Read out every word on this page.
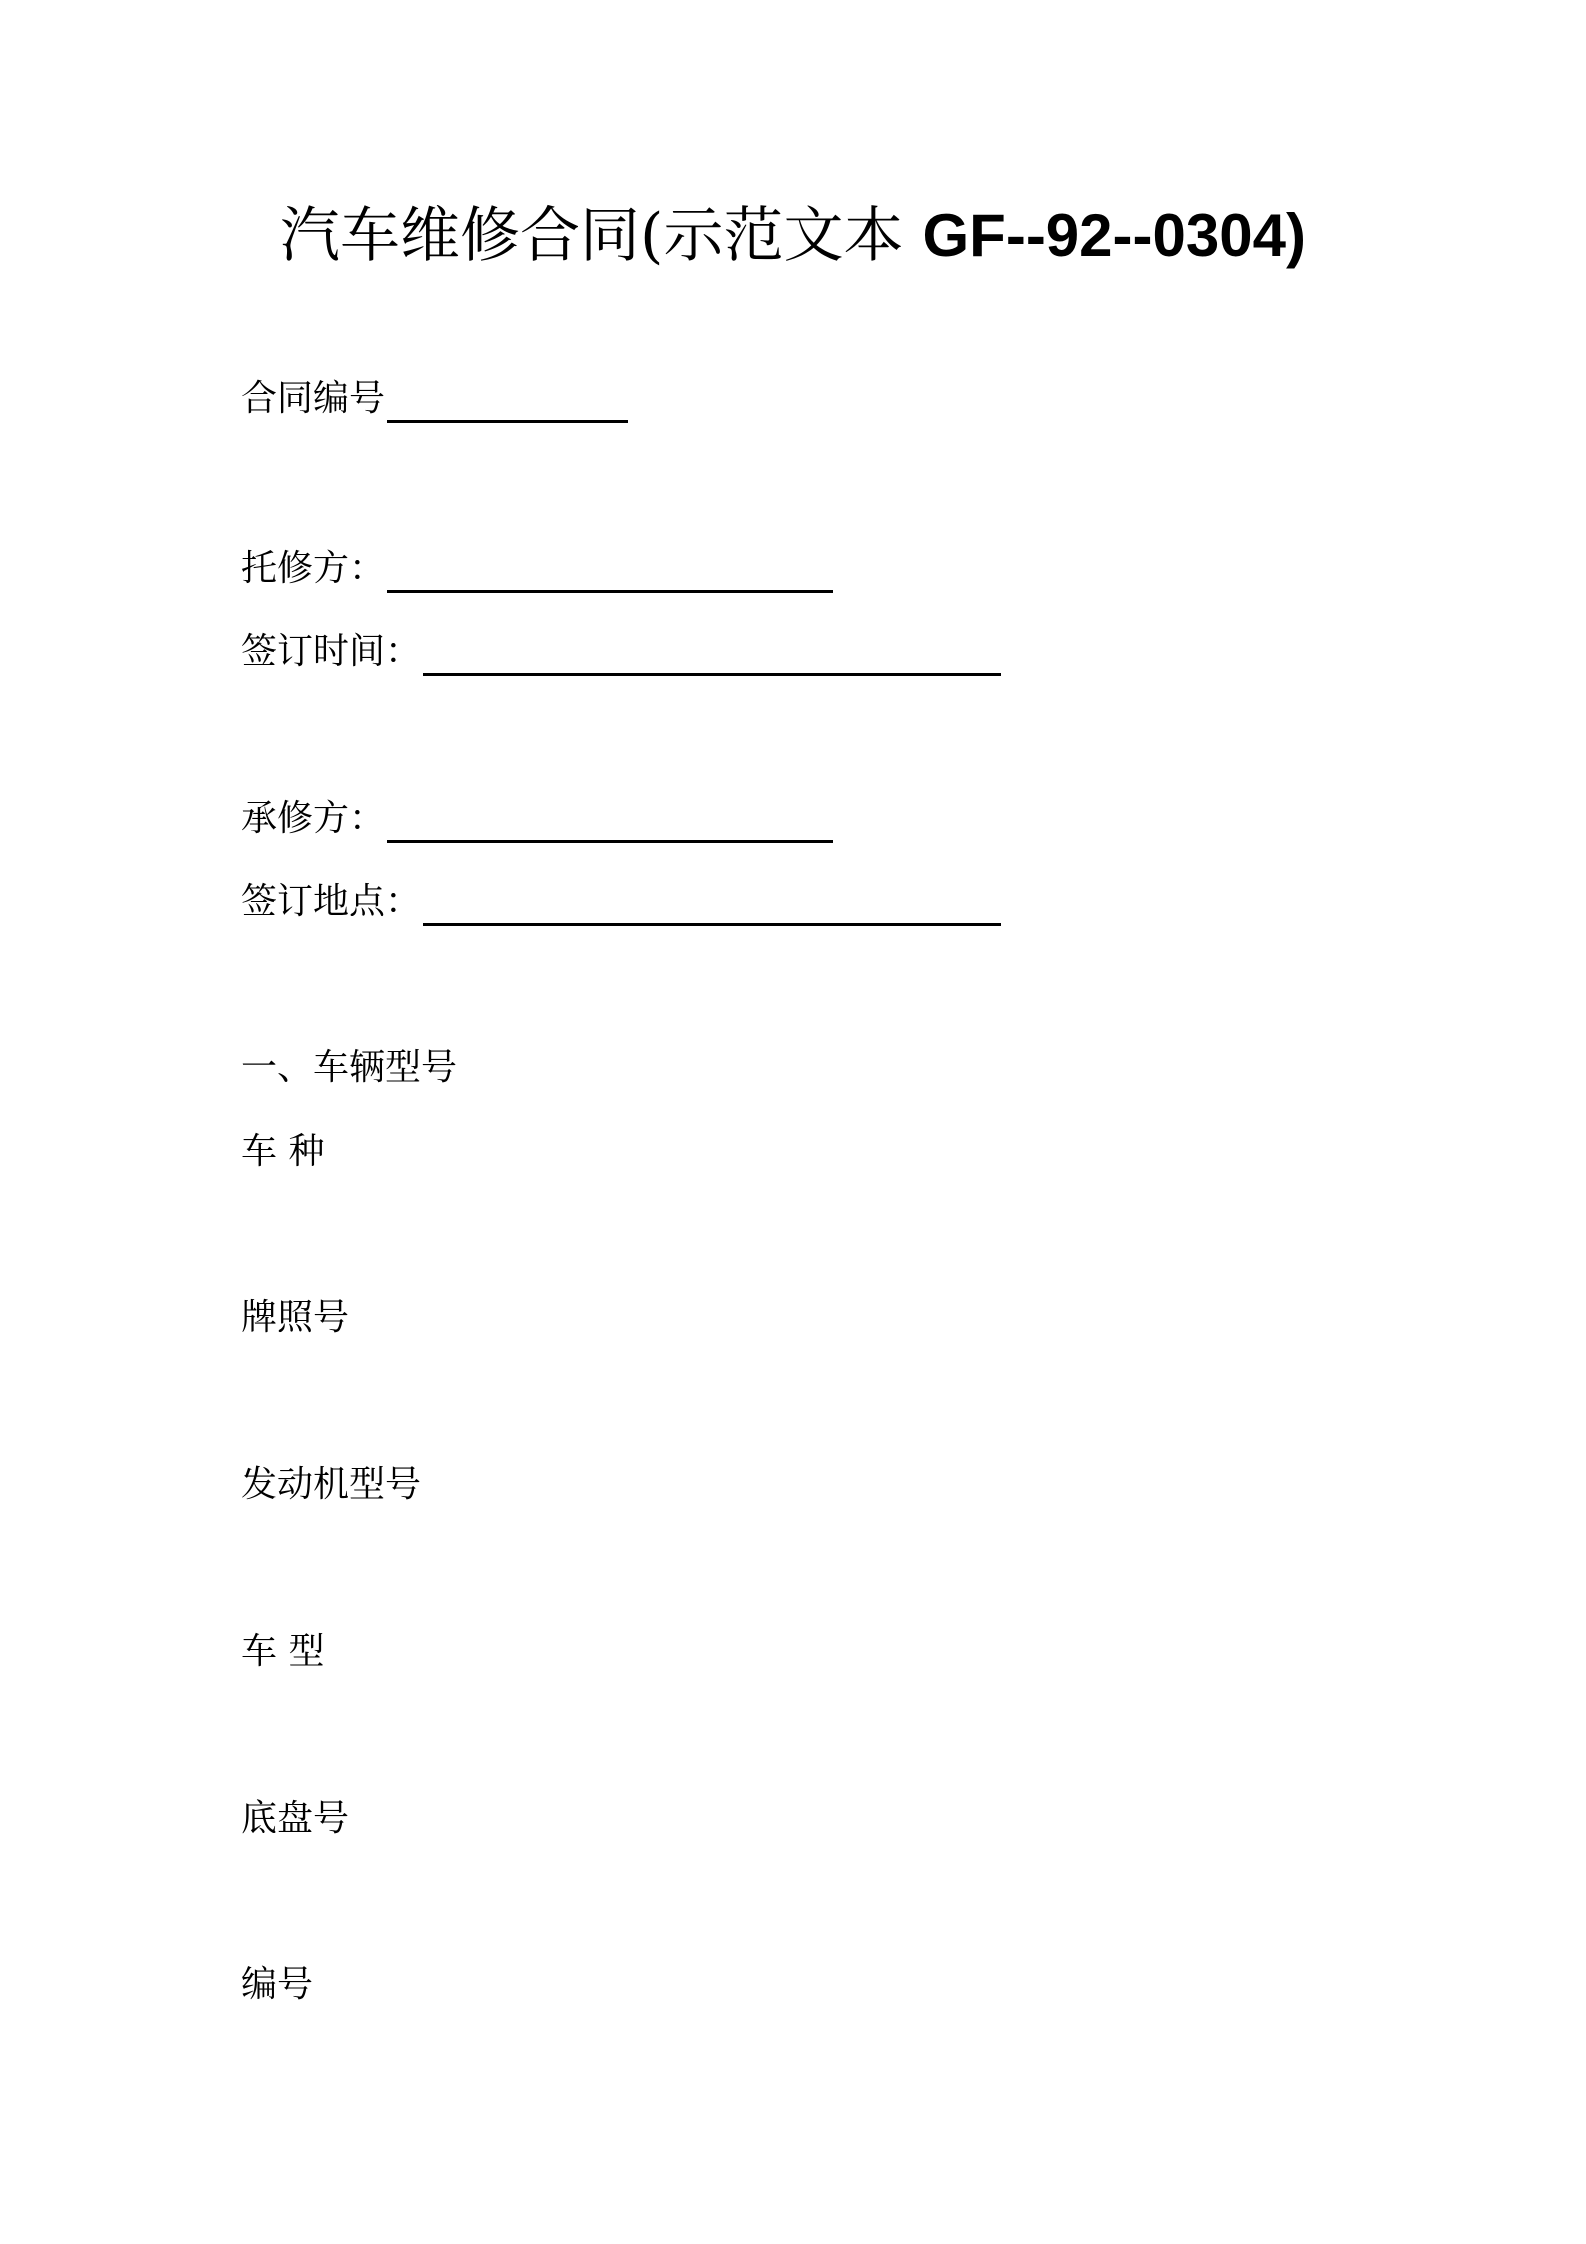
汽车维修合同(示范文本 GF--92--0304)
合同编号
托修方：
签订时间：
承修方：
签订地点：
一、车辆型号
车 种
牌照号
发动机型号
车 型
底盘号
编号
